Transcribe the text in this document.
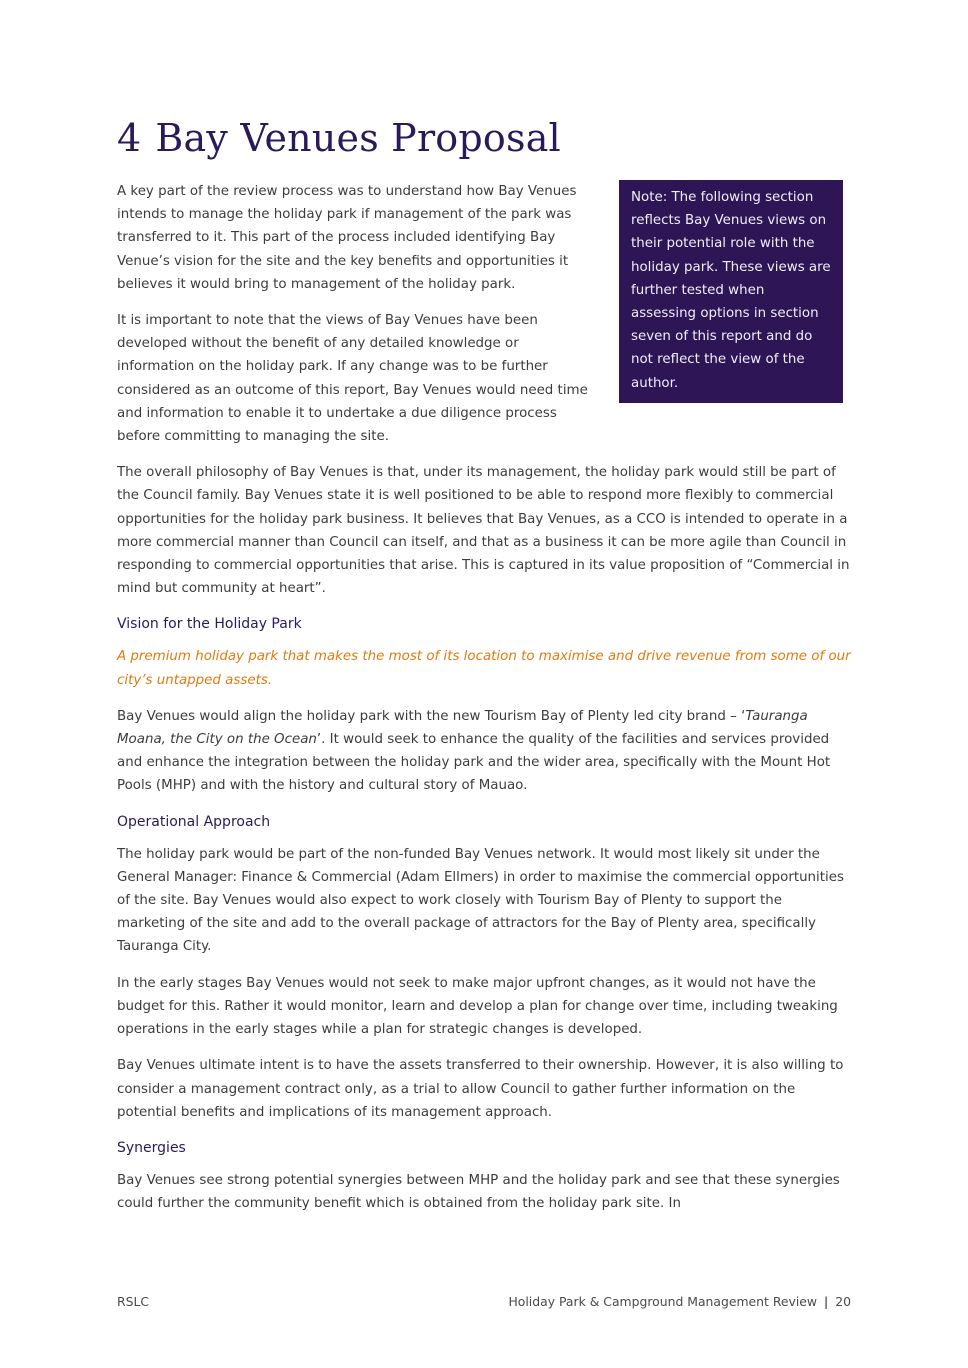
4 Bay Venues Proposal
Note: The following section reflects Bay Venues views on their potential role with the holiday park. These views are further tested when assessing options in section seven of this report and do not reflect the view of the author.

A key part of the review process was to understand how Bay Venues intends to manage the holiday park if management of the park was transferred to it. This part of the process included identifying Bay Venue’s vision for the site and the key benefits and opportunities it believes it would bring to management of the holiday park.

It is important to note that the views of Bay Venues have been developed without the benefit of any detailed knowledge or information on the holiday park. If any change was to be further considered as an outcome of this report, Bay Venues would need time and information to enable it to undertake a due diligence process before committing to managing the site.

The overall philosophy of Bay Venues is that, under its management, the holiday park would still be part of the Council family. Bay Venues state it is well positioned to be able to respond more flexibly to commercial opportunities for the holiday park business. It believes that Bay Venues, as a CCO is intended to operate in a more commercial manner than Council can itself, and that as a business it can be more agile than Council in responding to commercial opportunities that arise. This is captured in its value proposition of “Commercial in mind but community at heart”.

Vision for the Holiday Park

A premium holiday park that makes the most of its location to maximise and drive revenue from some of our city’s untapped assets.

Bay Venues would align the holiday park with the new Tourism Bay of Plenty led city brand – ‘Tauranga Moana, the City on the Ocean’. It would seek to enhance the quality of the facilities and services provided and enhance the integration between the holiday park and the wider area, specifically with the Mount Hot Pools (MHP) and with the history and cultural story of Mauao.

Operational Approach

The holiday park would be part of the non-funded Bay Venues network. It would most likely sit under the General Manager: Finance & Commercial (Adam Ellmers) in order to maximise the commercial opportunities of the site. Bay Venues would also expect to work closely with Tourism Bay of Plenty to support the marketing of the site and add to the overall package of attractors for the Bay of Plenty area, specifically Tauranga City.

In the early stages Bay Venues would not seek to make major upfront changes, as it would not have the budget for this. Rather it would monitor, learn and develop a plan for change over time, including tweaking operations in the early stages while a plan for strategic changes is developed.

Bay Venues ultimate intent is to have the assets transferred to their ownership. However, it is also willing to consider a management contract only, as a trial to allow Council to gather further information on the potential benefits and implications of its management approach.

Synergies

Bay Venues see strong potential synergies between MHP and the holiday park and see that these synergies could further the community benefit which is obtained from the holiday park site. In

RSLC	Holiday Park & Campground Management Review | 20
